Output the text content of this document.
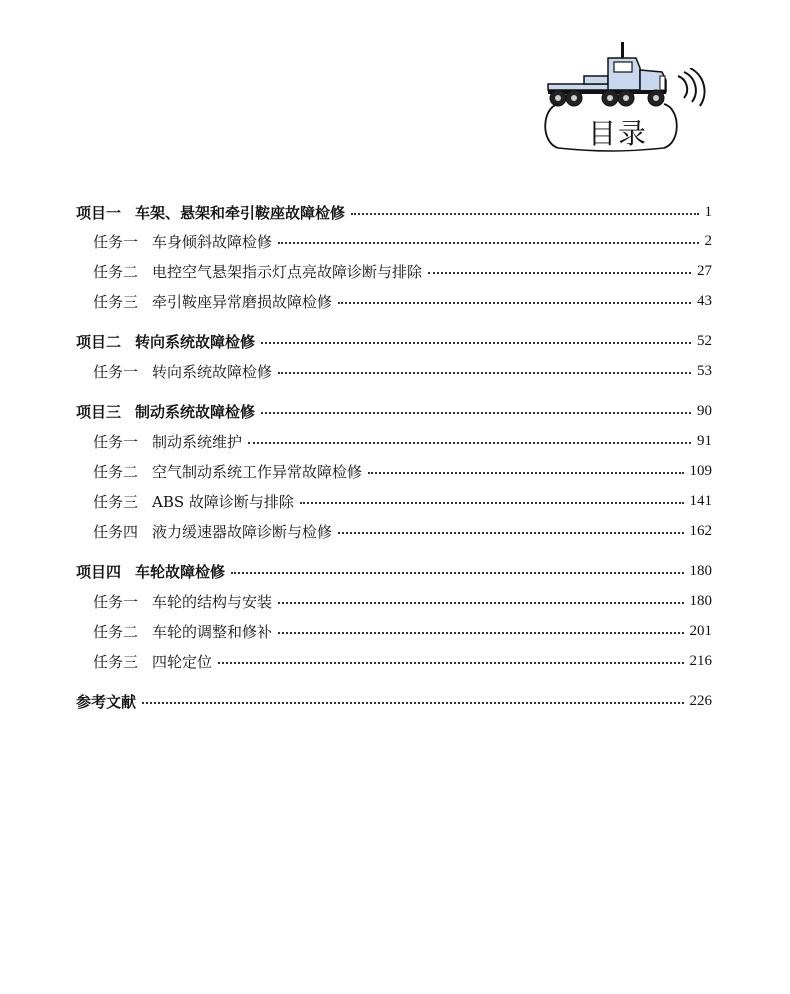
目录
项目一 车架、悬架和牵引鞍座故障检修	1
任务一 车身倾斜故障检修	2
任务二 电控空气悬架指示灯点亮故障诊断与排除	27
任务三 牵引鞍座异常磨损故障检修	43
项目二 转向系统故障检修	52
任务一 转向系统故障检修	53
项目三 制动系统故障检修	90
任务一 制动系统维护	91
任务二 空气制动系统工作异常故障检修	109
任务三 ABS 故障诊断与排除	141
任务四 液力缓速器故障诊断与检修	162
项目四 车轮故障检修	180
任务一 车轮的结构与安装	180
任务二 车轮的调整和修补	201
任务三 四轮定位	216
参考文献	226
